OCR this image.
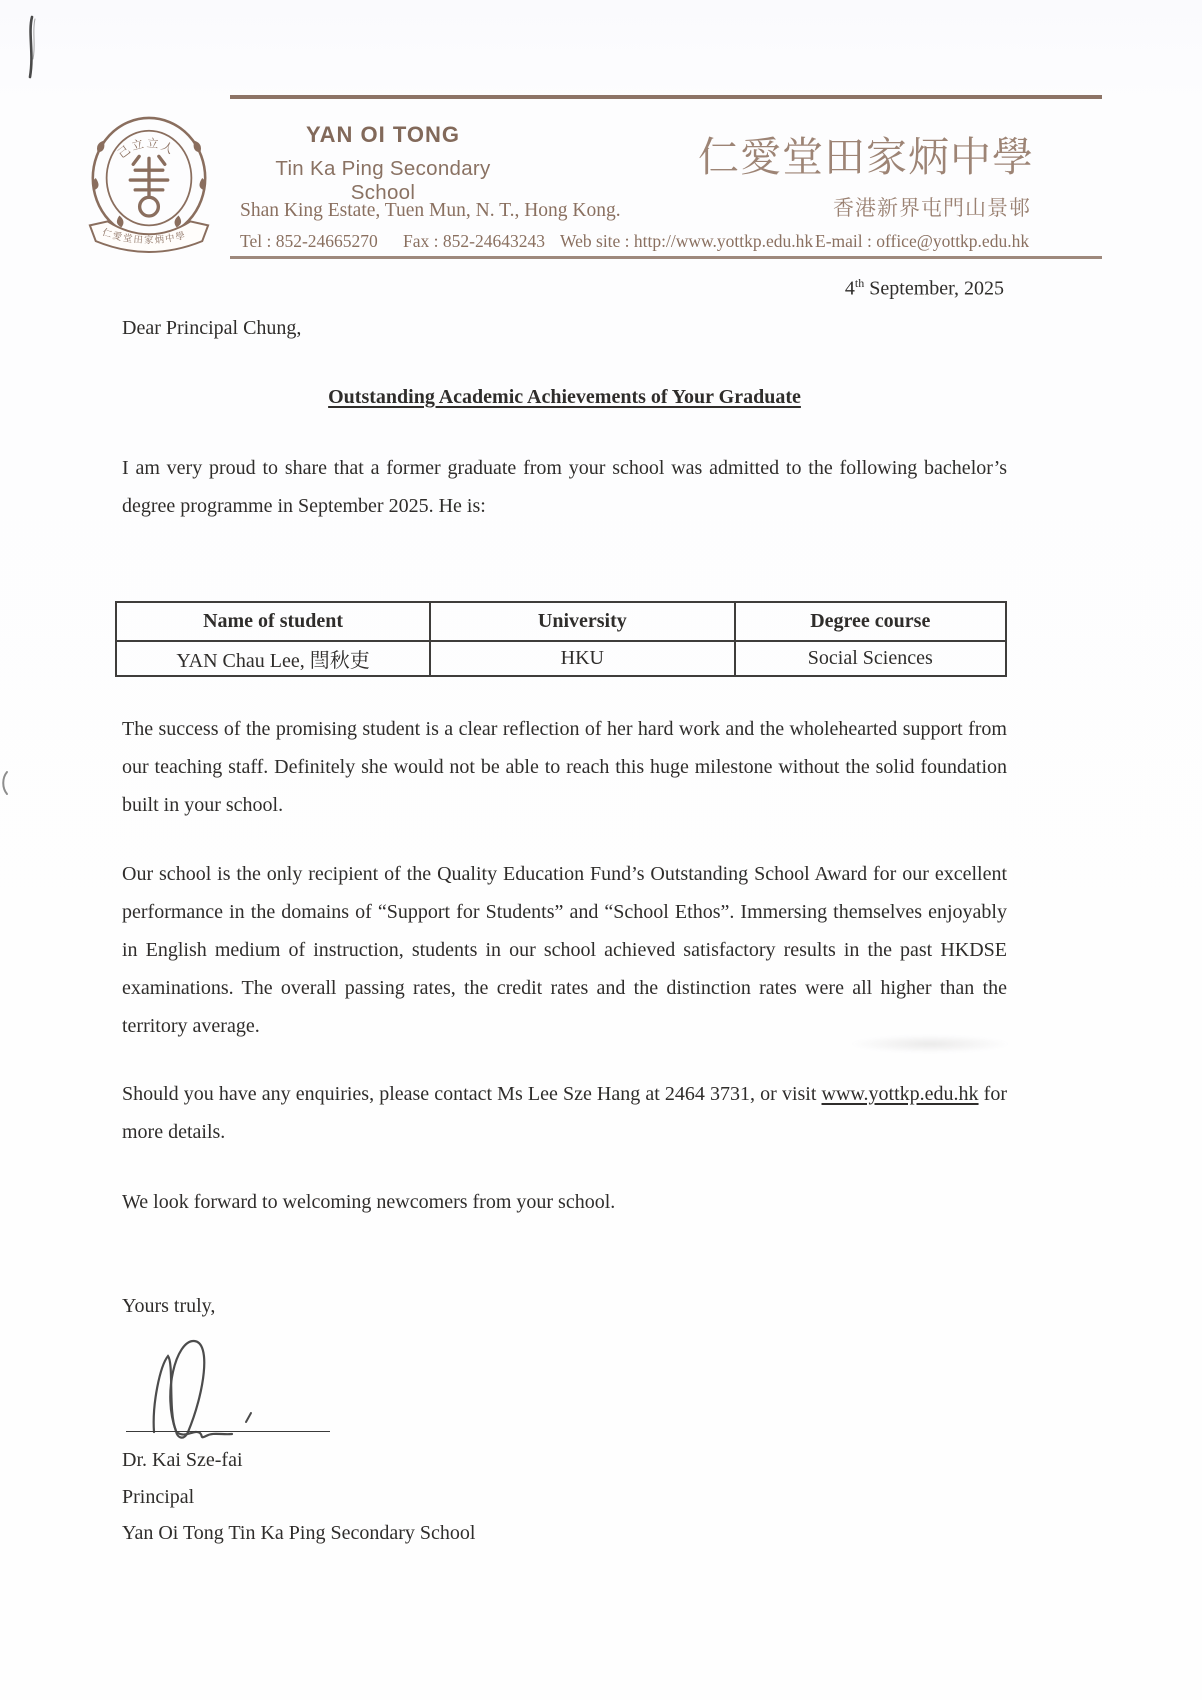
己立立人
仁愛堂田家炳中學
YAN OI TONG
Tin Ka Ping Secondary School
仁愛堂田家炳中學
Shan King Estate, Tuen Mun, N. T., Hong Kong.	香港新界屯門山景邨
Tel : 852-24665270 Fax : 852-24643243 Web site : http://www.yottkp.edu.hk E-mail : office@yottkp.edu.hk
4th September, 2025
Dear Principal Chung,
Outstanding Academic Achievements of Your Graduate

I am very proud to share that a former graduate from your school was admitted to the following bachelor’s degree programme in September 2025. He is:

Name of student	University	Degree course
YAN Chau Lee, 閆秋吏	HKU	Social Sciences

The success of the promising student is a clear reflection of her hard work and the wholehearted support from our teaching staff. Definitely she would not be able to reach this huge milestone without the solid foundation built in your school.

Our school is the only recipient of the Quality Education Fund’s Outstanding School Award for our excellent performance in the domains of “Support for Students” and “School Ethos”. Immersing themselves enjoyably in English medium of instruction, students in our school achieved satisfactory results in the past HKDSE examinations. The overall passing rates, the credit rates and the distinction rates were all higher than the territory average.

Should you have any enquiries, please contact Ms Lee Sze Hang at 2464 3731, or visit www.yottkp.edu.hk for more details.

We look forward to welcoming newcomers from your school.

Yours truly,
Dr. Kai Sze-fai
Principal
Yan Oi Tong Tin Ka Ping Secondary School
